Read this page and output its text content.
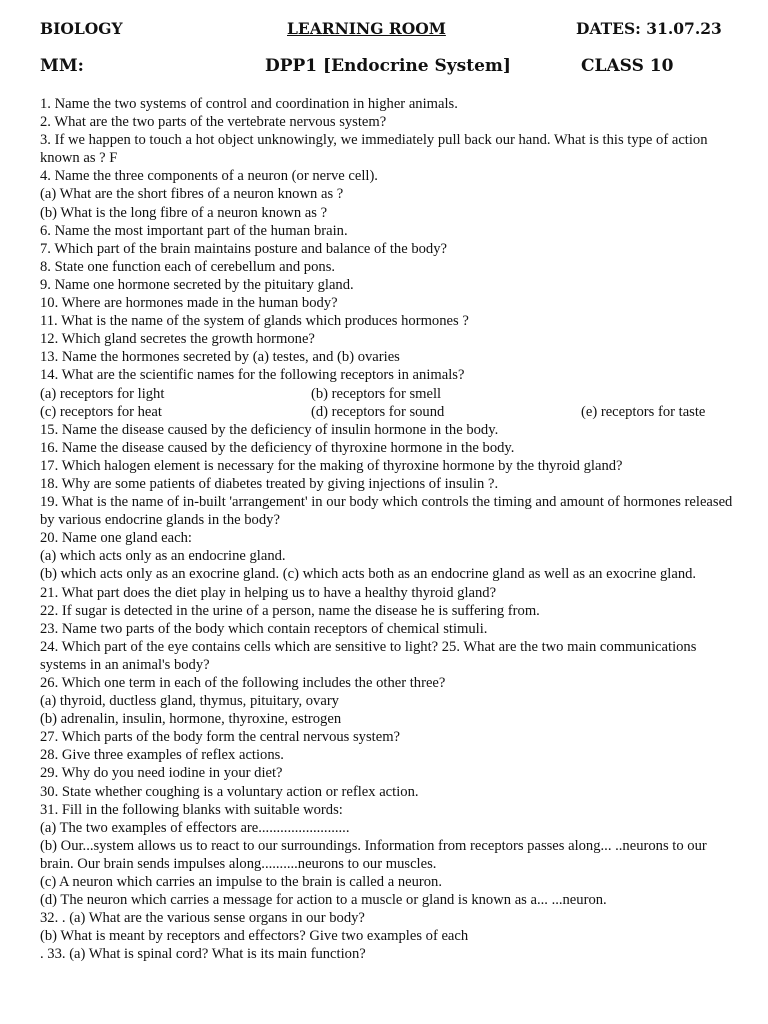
BIOLOGY	LEARNING ROOM	DATES: 31.07.23
MM:	DPP1 [Endocrine System]	CLASS 10
1. Name the two systems of control and coordination in higher animals.
2. What are the two parts of the vertebrate nervous system?
3. If we happen to touch a hot object unknowingly, we immediately pull back our hand. What is this type of action known as ? F
4. Name the three components of a neuron (or nerve cell).
(a) What are the short fibres of a neuron known as ?
(b) What is the long fibre of a neuron known as ?
6. Name the most important part of the human brain.
7. Which part of the brain maintains posture and balance of the body?
8. State one function each of cerebellum and pons.
9. Name one hormone secreted by the pituitary gland.
10. Where are hormones made in the human body?
11. What is the name of the system of glands which produces hormones ?
12. Which gland secretes the growth hormone?
13. Name the hormones secreted by (a) testes, and (b) ovaries
14. What are the scientific names for the following receptors in animals?
(a) receptors for light	(b) receptors for smell
(c) receptors for heat	(d) receptors for sound	(e) receptors for taste
15. Name the disease caused by the deficiency of insulin hormone in the body.
16. Name the disease caused by the deficiency of thyroxine hormone in the body.
17. Which halogen element is necessary for the making of thyroxine hormone by the thyroid gland?
18. Why are some patients of diabetes treated by giving injections of insulin ?.
19. What is the name of in-built 'arrangement' in our body which controls the timing and amount of hormones released by various endocrine glands in the body?
20. Name one gland each:
(a) which acts only as an endocrine gland.
(b) which acts only as an exocrine gland. (c) which acts both as an endocrine gland as well as an exocrine gland.
21. What part does the diet play in helping us to have a healthy thyroid gland?
22. If sugar is detected in the urine of a person, name the disease he is suffering from.
23. Name two parts of the body which contain receptors of chemical stimuli.
24. Which part of the eye contains cells which are sensitive to light? 25. What are the two main communications systems in an animal's body?
26. Which one term in each of the following includes the other three?
(a) thyroid, ductless gland, thymus, pituitary, ovary
(b) adrenalin, insulin, hormone, thyroxine, estrogen
27. Which parts of the body form the central nervous system?
28. Give three examples of reflex actions.
29. Why do you need iodine in your diet?
30. State whether coughing is a voluntary action or reflex action.
31. Fill in the following blanks with suitable words:
(a) The two examples of effectors are.........................
(b) Our...system allows us to react to our surroundings. Information from receptors passes along... ..neurons to our brain. Our brain sends impulses along..........neurons to our muscles.
(c) A neuron which carries an impulse to the brain is called a neuron.
(d) The neuron which carries a message for action to a muscle or gland is known as a... ...neuron.
32. . (a) What are the various sense organs in our body?
(b) What is meant by receptors and effectors? Give two examples of each
. 33. (a) What is spinal cord? What is its main function?
